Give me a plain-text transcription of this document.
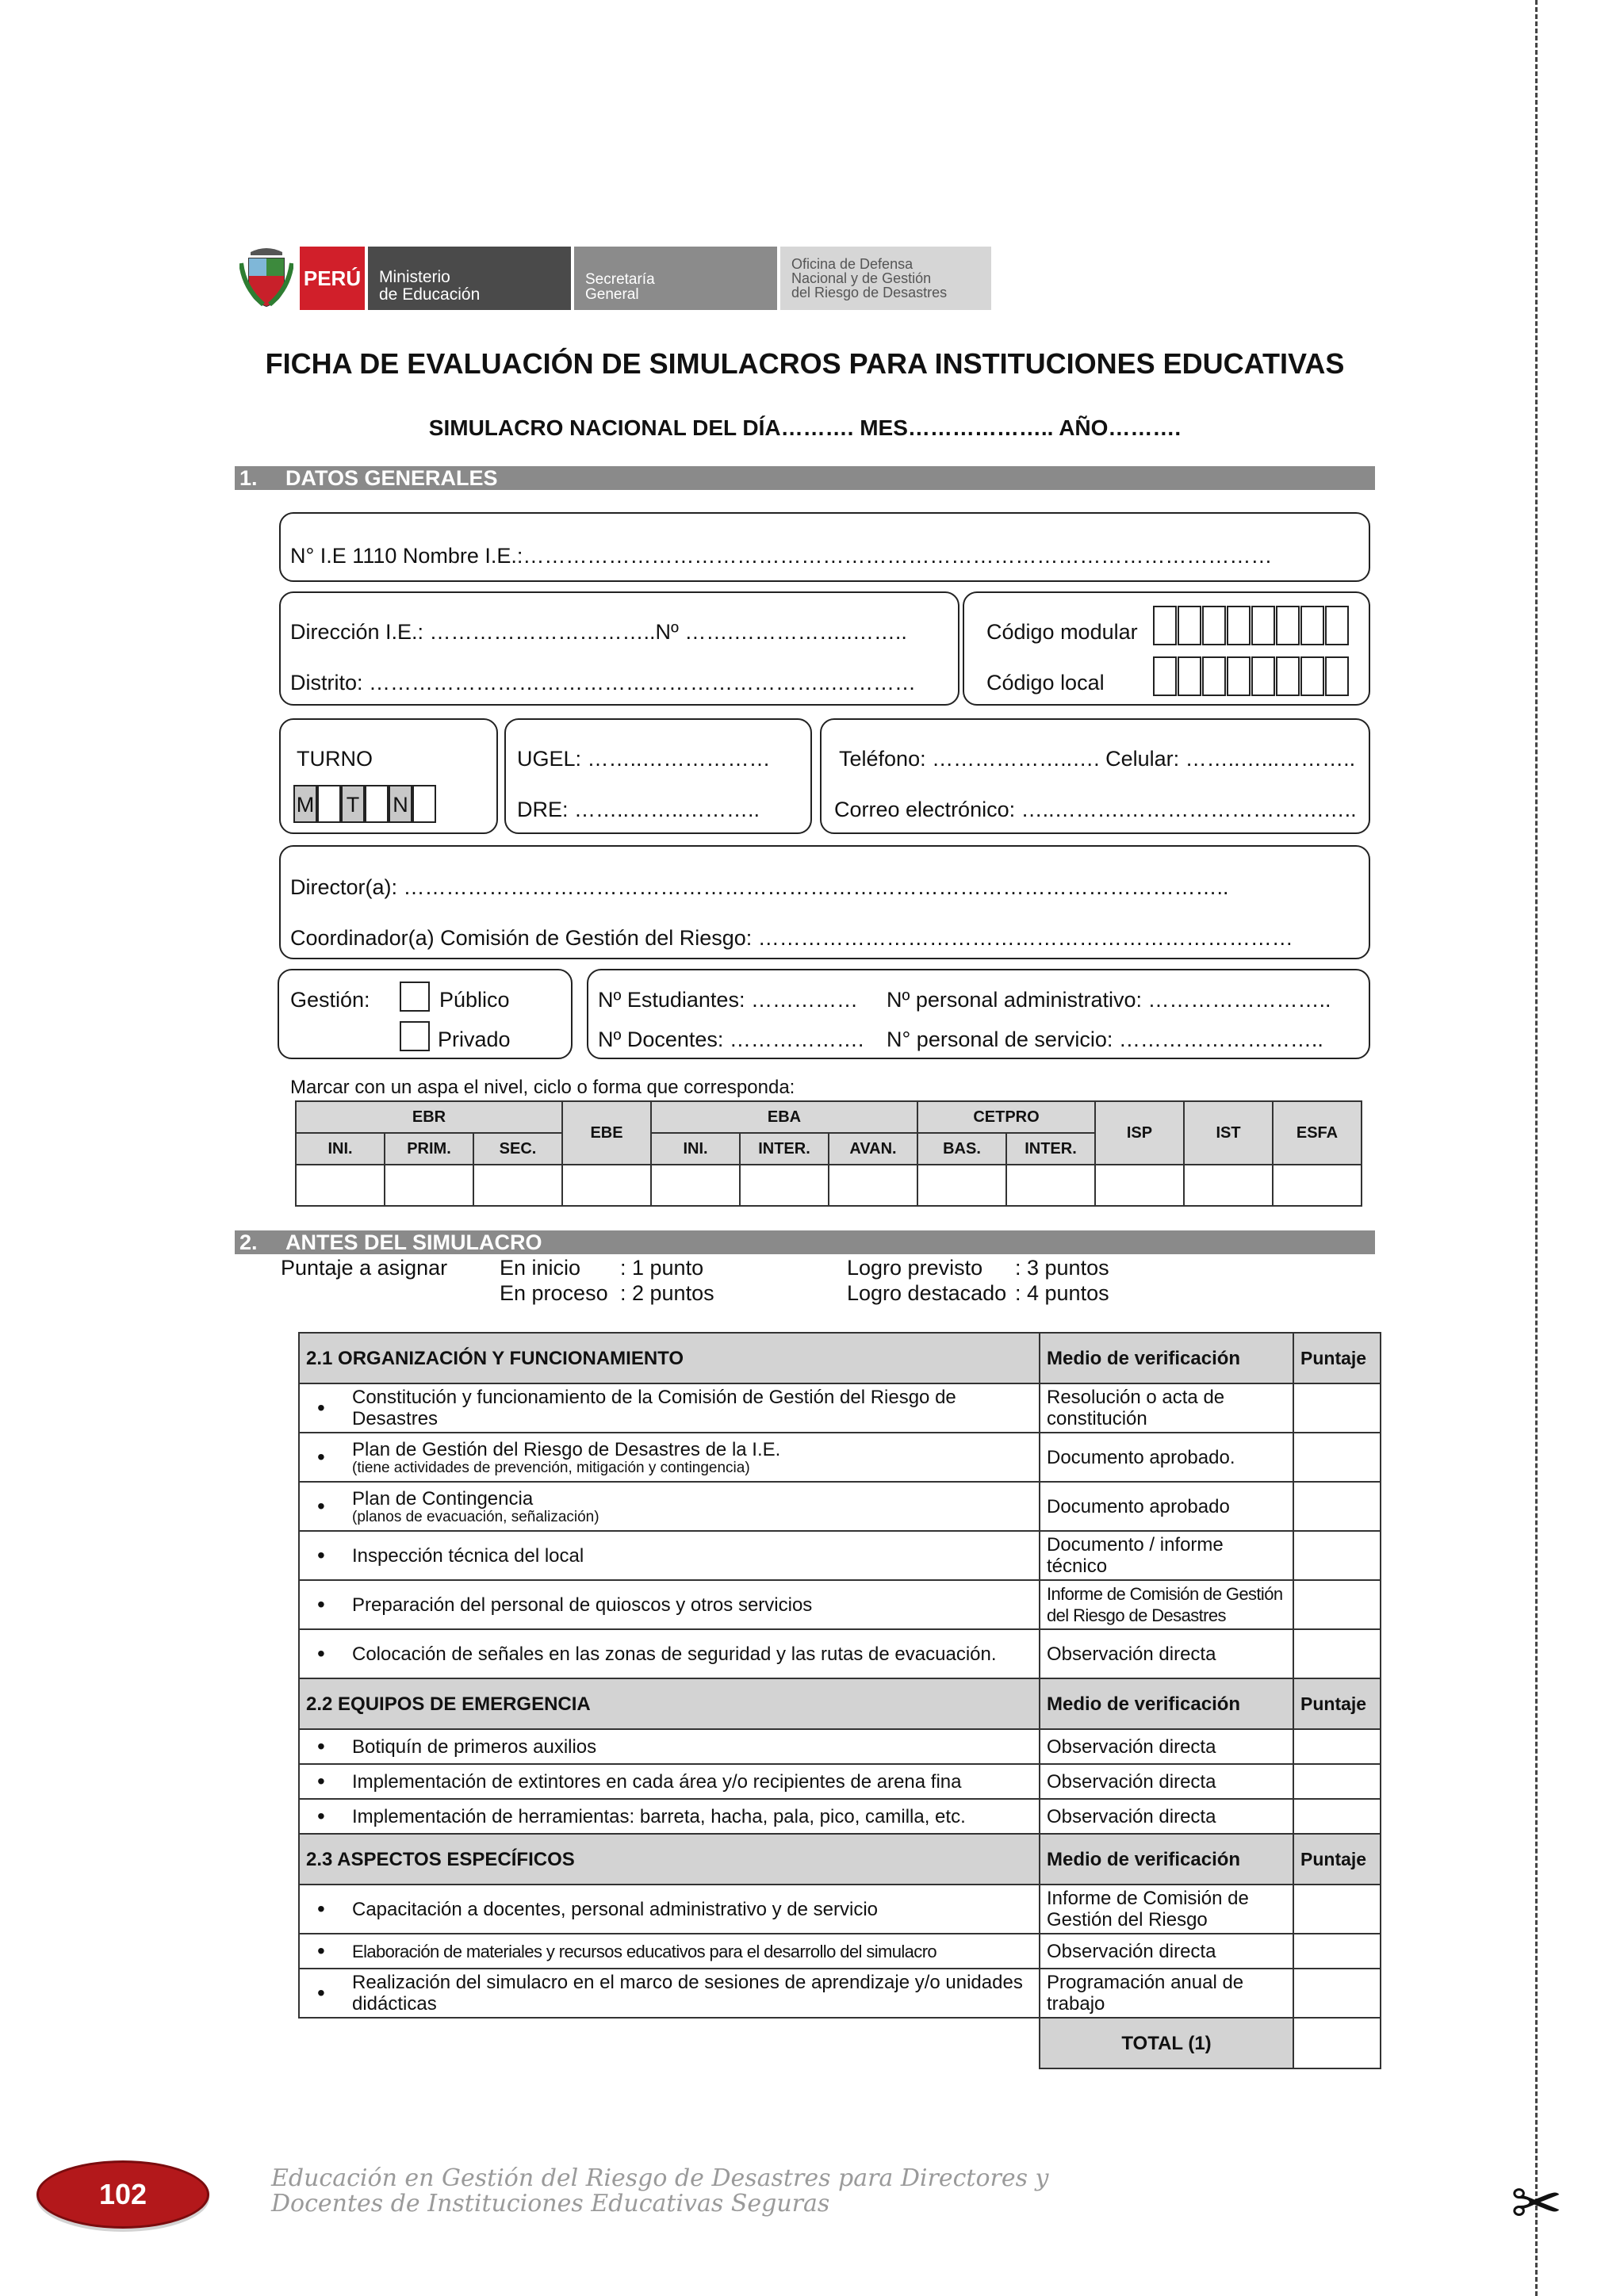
✂
PERÚ Ministerio
de Educación
Secretaría
General
Oficina de Defensa
Nacional y de Gestión
del Riesgo de Desastres
FICHA DE EVALUACIÓN DE SIMULACROS PARA INSTITUCIONES EDUCATIVAS
SIMULACRO NACIONAL DEL DÍA………. MES……………….. AÑO……….
1. DATOS GENERALES
N° I.E 1110 Nombre I.E.:……………………………………………………………………………………………
Dirección I.E.: …………………………..Nº …….……………..……..
Distrito: ………………………………………………………..…………
Código modular
Código local
TURNO
M T N
UGEL: ……..………………
DRE: ……..……..………..
Teléfono: ………………..…. Celular: ……..…...………..
Correo electrónico: …..……….……………………….…..
Director(a): ……………………………………………………………………………………………………..
Coordinador(a) Comisión de Gestión del Riesgo: …………………………………………………………………
Gestión:	Público
Privado
Nº Estudiantes: …………… Nº personal administrativo: ……………………..
Nº Docentes: ………………. N° personal de servicio: ………………………..
Marcar con un aspa el nivel, ciclo o forma que corresponda:
EBR			EBE	EBA			CETPRO		ISP	IST	ESFA
INI.	PRIM.	SEC.		INI.	INTER.	AVAN.	BAS.	INTER.			

2. ANTES DEL SIMULACRO
Puntaje a asignar En inicio : 1 punto
En proceso : 2 puntos
Logro previsto : 3 puntos
Logro destacado : 4 puntos
2.1 ORGANIZACIÓN Y FUNCIONAMIENTO	Medio de verificación	Puntaje
• Constitución y funcionamiento de la Comisión de Gestión del Riesgo de Desastres	Resolución o acta de constitución	
• Plan de Gestión del Riesgo de Desastres de la I.E.
(tiene actividades de prevención, mitigación y contingencia)	Documento aprobado.	
• Plan de Contingencia
(planos de evacuación, señalización)	Documento aprobado	
• Inspección técnica del local	Documento / informe técnico	
• Preparación del personal de quioscos y otros servicios	Informe de Comisión de Gestión del Riesgo de Desastres	
• Colocación de señales en las zonas de seguridad y las rutas de evacuación.	Observación directa	
2.2 EQUIPOS DE EMERGENCIA	Medio de verificación	Puntaje
• Botiquín de primeros auxilios	Observación directa	
• Implementación de extintores en cada área y/o recipientes de arena fina	Observación directa	
• Implementación de herramientas: barreta, hacha, pala, pico, camilla, etc.	Observación directa	
2.3 ASPECTOS ESPECÍFICOS	Medio de verificación	Puntaje
• Capacitación a docentes, personal administrativo y de servicio	Informe de Comisión de Gestión del Riesgo	
• Elaboración de materiales y recursos educativos para el desarrollo del simulacro	Observación directa	
• Realización del simulacro en el marco de sesiones de aprendizaje y/o unidades didácticas	Programación anual de trabajo	
	TOTAL (1)	
102	Educación en Gestión del Riesgo de Desastres para Directores y
Docentes de Instituciones Educativas Seguras
